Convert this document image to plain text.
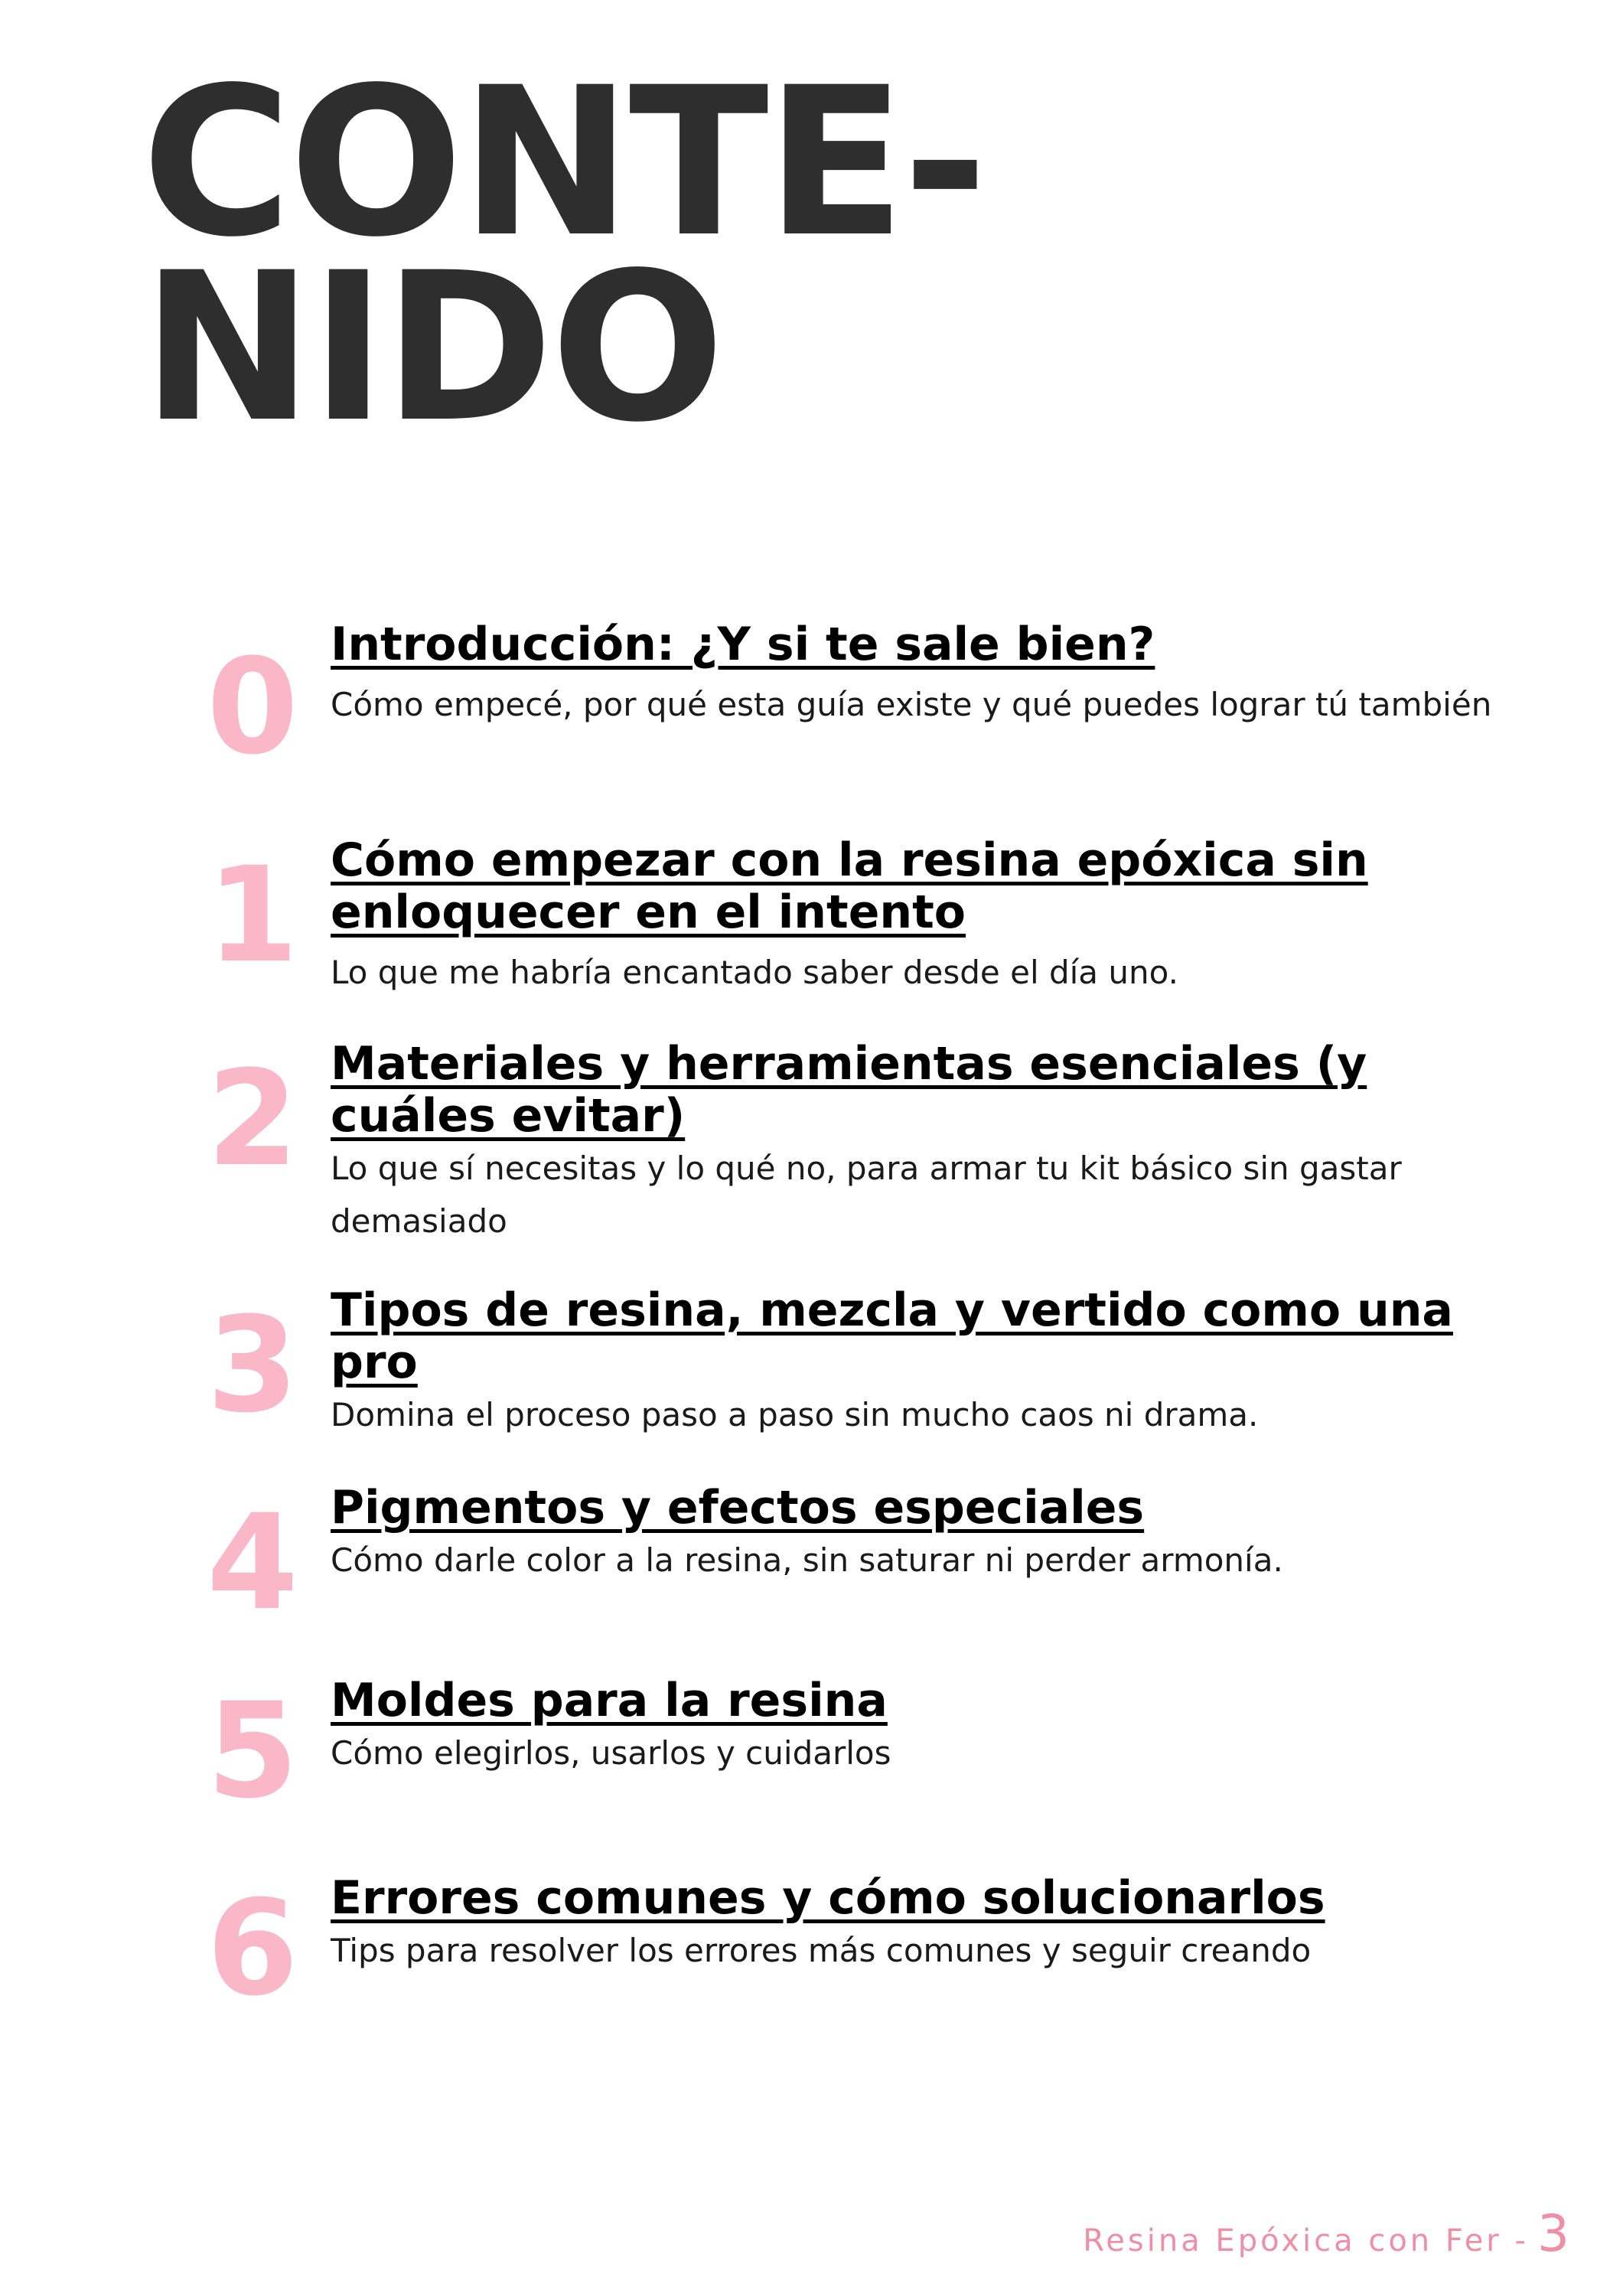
CONTE-
NIDO
0 Introducción: ¿Y si te sale bien?

Cómo empecé, por qué esta guía existe y qué puedes lograr tú también

1 Cómo empezar con la resina epóxica sin enloquecer en el intento

Lo que me habría encantado saber desde el día uno.

2 Materiales y herramientas esenciales (y cuáles evitar)

Lo que sí necesitas y lo qué no, para armar tu kit básico sin gastar demasiado

3 Tipos de resina, mezcla y vertido como una pro

Domina el proceso paso a paso sin mucho caos ni drama.

4 Pigmentos y efectos especiales

Cómo darle color a la resina, sin saturar ni perder armonía.

5 Moldes para la resina

Cómo elegirlos, usarlos y cuidarlos

6 Errores comunes y cómo solucionarlos

Tips para resolver los errores más comunes y seguir creando

Resina Epóxica con Fer - 3
